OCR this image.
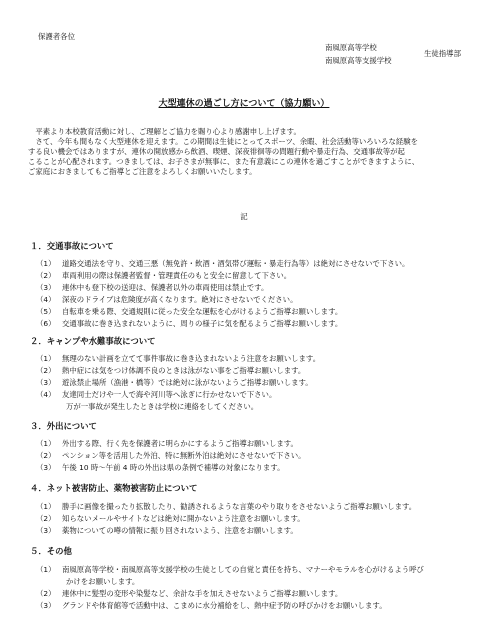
保護者各位
南風原高等学校
南風原高等支援学校
生徒指導部
大型連休の過ごし方について（協力願い）

平素より本校教育活動に対し、ご理解とご協力を賜り心より感謝申し上げます。

さて、今年も間もなく大型連休を迎えます。この期間は生徒にとってスポーツ、余暇、社会活動等いろいろな経験を

する良い機会ではありますが、連休の開放感から飲酒、喫煙、深夜徘徊等の問題行動や暴走行為、交通事故等が起

こることが心配されます。つきましては、お子さまが無事に、また有意義にこの連休を過ごすことができますように、

ご家庭におきましてもご指導とご注意をよろしくお願いいたします。

記
１．交通事故について
（1） 道路交通法を守り、交通三悪（無免許・飲酒・酒気帯び運転・暴走行為等）は絶対にさせないで下さい。
（2） 車両利用の際は保護者監督・管理責任のもと安全に留意して下さい。
（3） 連休中も登下校の送迎は、保護者以外の車両使用は禁止です。
（4） 深夜のドライブは危険度が高くなります。絶対にさせないでください。
（5） 自転車を乗る際、交通規則に従った安全な運転を心がけるようご指導お願いします。
（6） 交通事故に巻き込まれないように、周りの様子に気を配るようご指導お願いします。
２．キャンプや水難事故について
（1） 無理のない計画を立てて事件事故に巻き込まれないよう注意をお願いします。
（2） 熱中症には気をつけ体調不良のときは泳がない事をご指導お願いします。
（3） 遊泳禁止場所（漁港・橋等）では絶対に泳がないようご指導お願いします。
（4） 友達同士だけや一人で海や河川等へ泳ぎに行かせないで下さい。
万が一事故が発生したときは学校に連絡をしてください。
３．外出について
（1） 外出する際、行く先を保護者に明らかにするようご指導お願いします。
（2） ペンション等を活用した外泊、特に無断外泊は絶対にさせないで下さい。
（3） 午後 10 時～午前 4 時の外出は県の条例で補導の対象になります。
４．ネット被害防止、薬物被害防止について
（1） 勝手に画像を撮ったり拡散したり、勧誘されるような言葉のやり取りをさせないようご指導お願いします。
（2） 知らないメールやサイトなどは絶対に開かないよう注意をお願いします。
（3） 薬物についての噂の情報に振り回されないよう、注意をお願いします。
５．その他
（1） 南風原高等学校・南風原高等支援学校の生徒としての自覚と責任を持ち、マナーやモラルを心がけるよう呼び
かけをお願いします。
（2） 連休中に髪型の変形や染髪など、余計な手を加えさせないようご指導お願いします。
（3） グランドや体育館等で活動中は、こまめに水分補給をし、熱中症予防の呼びかけをお願いします。
